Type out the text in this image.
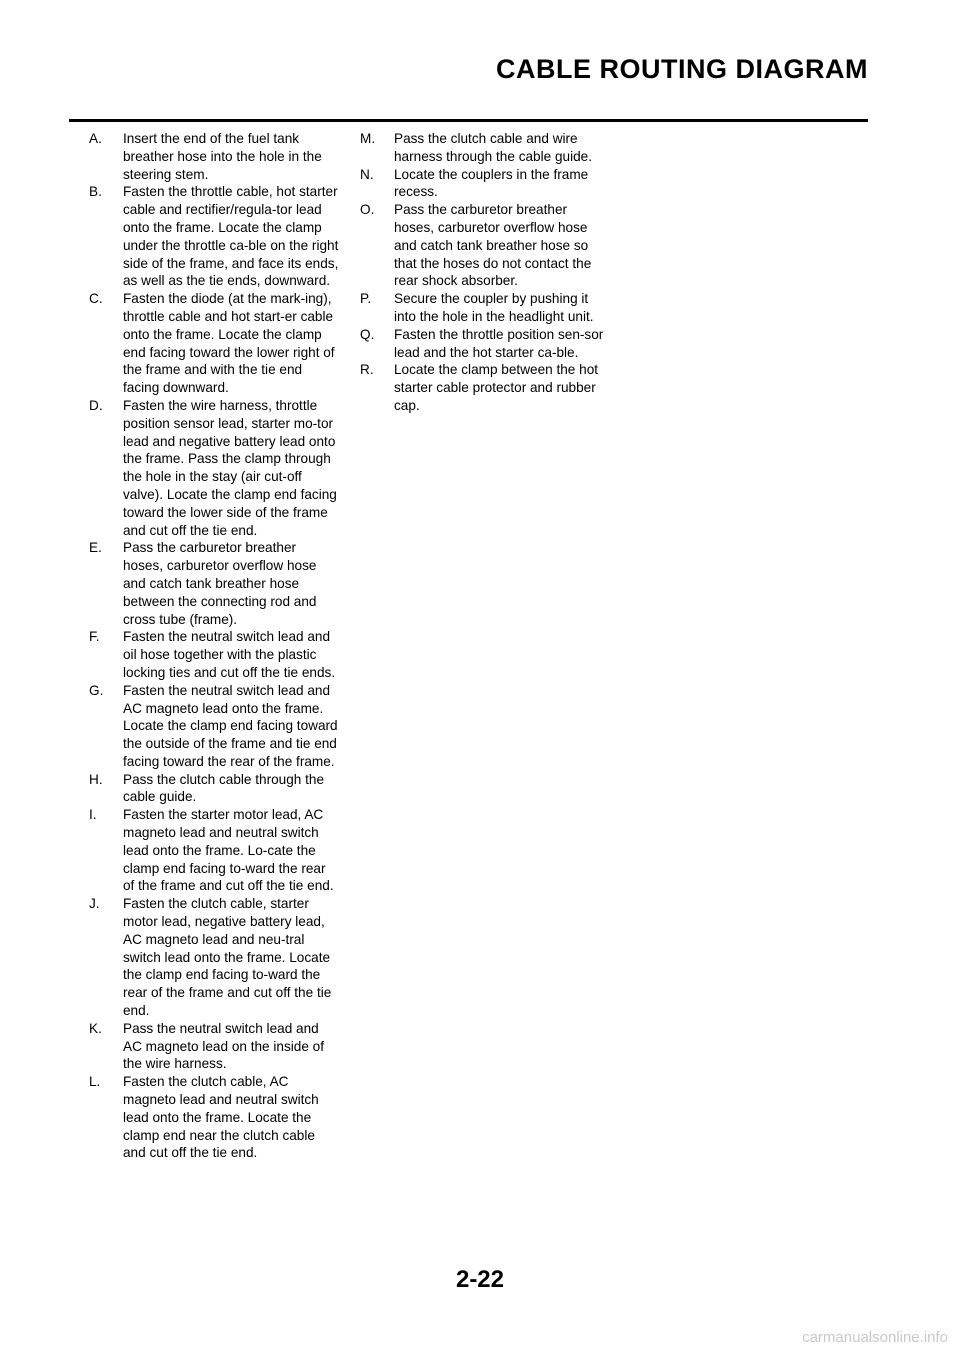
CABLE ROUTING DIAGRAM
A. Insert the end of the fuel tank breather hose into the hole in the steering stem.
B. Fasten the throttle cable, hot starter cable and rectifier/regula-tor lead onto the frame. Locate the clamp under the throttle ca-ble on the right side of the frame, and face its ends, as well as the tie ends, downward.
C. Fasten the diode (at the mark-ing), throttle cable and hot start-er cable onto the frame. Locate the clamp end facing toward the lower right of the frame and with the tie end facing downward.
D. Fasten the wire harness, throttle position sensor lead, starter mo-tor lead and negative battery lead onto the frame. Pass the clamp through the hole in the stay (air cut-off valve). Locate the clamp end facing toward the lower side of the frame and cut off the tie end.
E. Pass the carburetor breather hoses, carburetor overflow hose and catch tank breather hose between the connecting rod and cross tube (frame).
F. Fasten the neutral switch lead and oil hose together with the plastic locking ties and cut off the tie ends.
G. Fasten the neutral switch lead and AC magneto lead onto the frame. Locate the clamp end facing toward the outside of the frame and tie end facing toward the rear of the frame.
H. Pass the clutch cable through the cable guide.
I. Fasten the starter motor lead, AC magneto lead and neutral switch lead onto the frame. Lo-cate the clamp end facing to-ward the rear of the frame and cut off the tie end.
J. Fasten the clutch cable, starter motor lead, negative battery lead, AC magneto lead and neu-tral switch lead onto the frame. Locate the clamp end facing to-ward the rear of the frame and cut off the tie end.
K. Pass the neutral switch lead and AC magneto lead on the inside of the wire harness.
L. Fasten the clutch cable, AC magneto lead and neutral switch lead onto the frame. Locate the clamp end near the clutch cable and cut off the tie end.
M. Pass the clutch cable and wire harness through the cable guide.
N. Locate the couplers in the frame recess.
O. Pass the carburetor breather hoses, carburetor overflow hose and catch tank breather hose so that the hoses do not contact the rear shock absorber.
P. Secure the coupler by pushing it into the hole in the headlight unit.
Q. Fasten the throttle position sen-sor lead and the hot starter ca-ble.
R. Locate the clamp between the hot starter cable protector and rubber cap.
2-22
carmanualsonline.info
